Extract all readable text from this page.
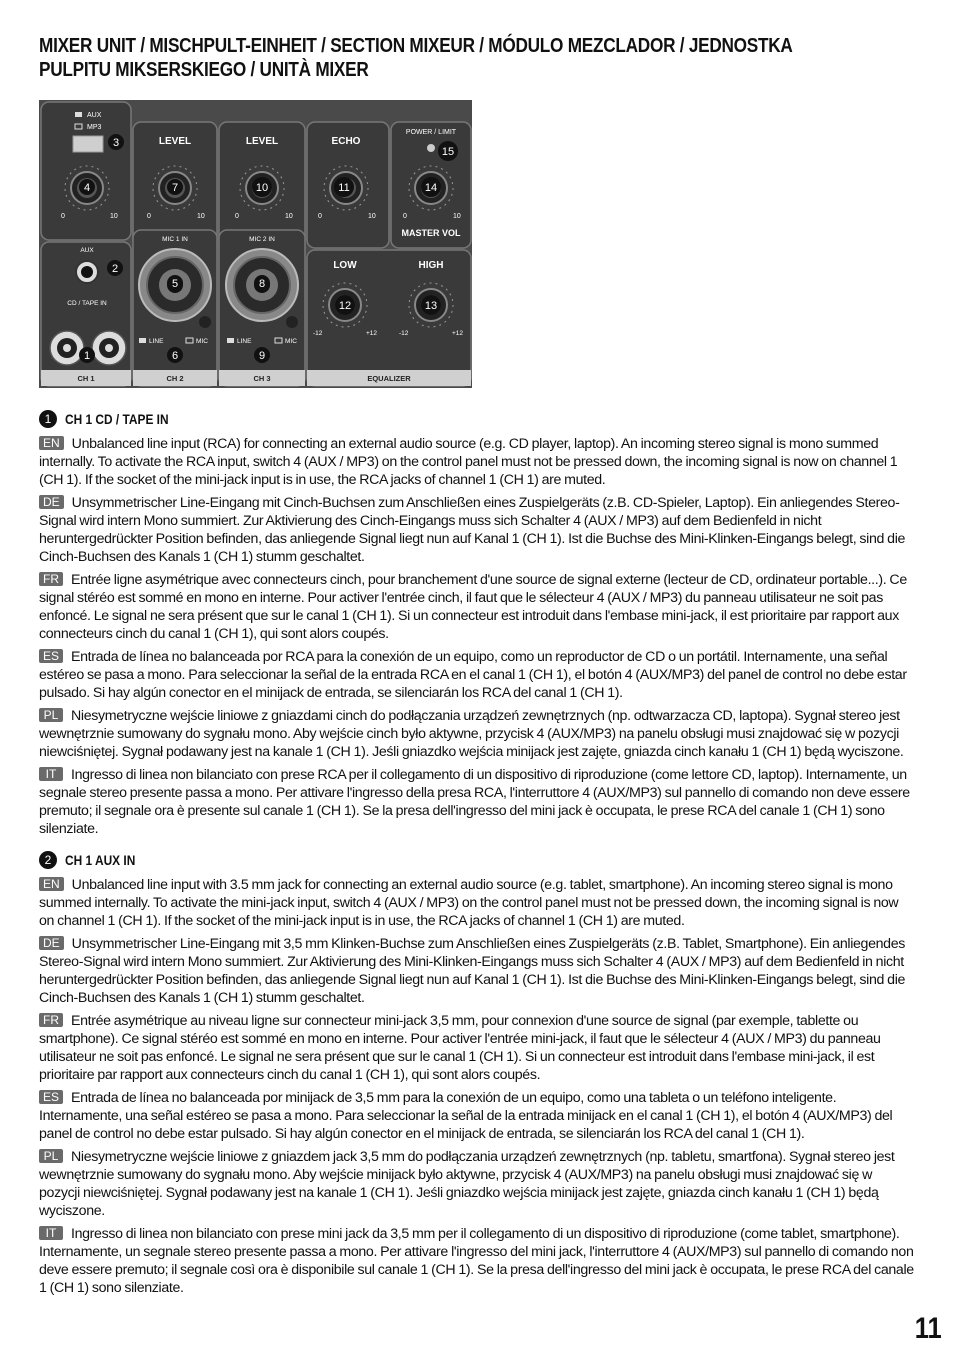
MIXER UNIT / MISCHPULT-EINHEIT / SECTION MIXEUR / MÓDULO MEZCLADOR / JEDNOSTKA PULPITU MIKSERSKIEGO / UNITÀ MIXER
AUX
MP3
LEVEL	LEVEL	ECHO
POWER / LIMIT
MASTER VOL
0	10	0	10	0	10	0	10	0	10
AUX
CD / TAPE IN
MIC 1 IN	MIC 2 IN
LINE	MIC	LINE	MIC
LOW	HIGH
-12	+12	-12	+12
CH 1	CH 2	CH 3	EQUALIZER
1
2
3
4
5
6
7
8
9
10	11
12	13
14
15
1 CH 1 CD / TAPE IN

EN Unbalanced line input (RCA) for connecting an external audio source (e.g. CD player, laptop). An incoming stereo signal is mono summed internally. To activate the RCA input, switch 4 (AUX / MP3) on the control panel must not be pressed down, the incoming signal is now on channel 1 (CH 1). If the socket of the mini-jack input is in use, the RCA jacks of channel 1 (CH 1) are muted.

DE Unsymmetrischer Line-Eingang mit Cinch-Buchsen zum Anschließen eines Zuspielgeräts (z.B. CD-Spieler, Laptop). Ein anliegendes Stereo-Signal wird intern Mono summiert. Zur Aktivierung des Cinch-Eingangs muss sich Schalter 4 (AUX / MP3) auf dem Bedienfeld in nicht heruntergedrückter Position befinden, das anliegende Signal liegt nun auf Kanal 1 (CH 1). Ist die Buchse des Mini-Klinken-Eingangs belegt, sind die Cinch-Buchsen des Kanals 1 (CH 1) stumm geschaltet.

FR Entrée ligne asymétrique avec connecteurs cinch, pour branchement d'une source de signal externe (lecteur de CD, ordinateur portable...). Ce signal stéréo est sommé en mono en interne. Pour activer l'entrée cinch, il faut que le sélecteur 4 (AUX / MP3) du panneau utilisateur ne soit pas enfoncé. Le signal ne sera présent que sur le canal 1 (CH 1). Si un connecteur est introduit dans l'embase mini-jack, il est prioritaire par rapport aux connecteurs cinch du canal 1 (CH 1), qui sont alors coupés.

ES Entrada de línea no balanceada por RCA para la conexión de un equipo, como un reproductor de CD o un portátil. Internamente, una señal estéreo se pasa a mono. Para seleccionar la señal de la entrada RCA en el canal 1 (CH 1), el botón 4 (AUX/MP3) del panel de control no debe estar pulsado. Si hay algún conector en el minijack de entrada, se silenciarán los RCA del canal 1 (CH 1).

PL Niesymetryczne wejście liniowe z gniazdami cinch do podłączania urządzeń zewnętrznych (np. odtwarzacza CD, laptopa). Sygnał stereo jest wewnętrznie sumowany do sygnału mono. Aby wejście cinch było aktywne, przycisk 4 (AUX/MP3) na panelu obsługi musi znajdować się w pozycji niewciśniętej. Sygnał podawany jest na kanale 1 (CH 1). Jeśli gniazdko wejścia minijack jest zajęte, gniazda cinch kanału 1 (CH 1) będą wyciszone.

IT Ingresso di linea non bilanciato con prese RCA per il collegamento di un dispositivo di riproduzione (come lettore CD, laptop). Internamente, un segnale stereo presente passa a mono. Per attivare l'ingresso della presa RCA, l'interruttore 4 (AUX/MP3) sul pannello di comando non deve essere premuto; il segnale ora è presente sul canale 1 (CH 1). Se la presa dell'ingresso del mini jack è occupata, le prese RCA del canale 1 (CH 1) sono silenziate.

2 CH 1 AUX IN

EN Unbalanced line input with 3.5 mm jack for connecting an external audio source (e.g. tablet, smartphone). An incoming stereo signal is mono summed internally. To activate the mini-jack input, switch 4 (AUX / MP3) on the control panel must not be pressed down, the incoming signal is now on channel 1 (CH 1). If the socket of the mini-jack input is in use, the RCA jacks of channel 1 (CH 1) are muted.

DE Unsymmetrischer Line-Eingang mit 3,5 mm Klinken-Buchse zum Anschließen eines Zuspielgeräts (z.B. Tablet, Smartphone). Ein anliegendes Stereo-Signal wird intern Mono summiert. Zur Aktivierung des Mini-Klinken-Eingangs muss sich Schalter 4 (AUX / MP3) auf dem Bedienfeld in nicht heruntergedrückter Position befinden, das anliegende Signal liegt nun auf Kanal 1 (CH 1). Ist die Buchse des Mini-Klinken-Eingangs belegt, sind die Cinch-Buchsen des Kanals 1 (CH 1) stumm geschaltet.

FR Entrée asymétrique au niveau ligne sur connecteur mini-jack 3,5 mm, pour connexion d'une source de signal (par exemple, tablette ou smartphone). Ce signal stéréo est sommé en mono en interne. Pour activer l'entrée mini-jack, il faut que le sélecteur 4 (AUX / MP3) du panneau utilisateur ne soit pas enfoncé. Le signal ne sera présent que sur le canal 1 (CH 1). Si un connecteur est introduit dans l'embase mini-jack, il est prioritaire par rapport aux connecteurs cinch du canal 1 (CH 1), qui sont alors coupés.

ES Entrada de línea no balanceada por minijack de 3,5 mm para la conexión de un equipo, como una tableta o un teléfono inteligente. Internamente, una señal estéreo se pasa a mono. Para seleccionar la señal de la entrada minijack en el canal 1 (CH 1), el botón 4 (AUX/MP3) del panel de control no debe estar pulsado. Si hay algún conector en el minijack de entrada, se silenciarán los RCA del canal 1 (CH 1).

PL Niesymetryczne wejście liniowe z gniazdem jack 3,5 mm do podłączania urządzeń zewnętrznych (np. tabletu, smartfona). Sygnał stereo jest wewnętrznie sumowany do sygnału mono. Aby wejście minijack było aktywne, przycisk 4 (AUX/MP3) na panelu obsługi musi znajdować się w pozycji niewciśniętej. Sygnał podawany jest na kanale 1 (CH 1). Jeśli gniazdko wejścia minijack jest zajęte, gniazda cinch kanału 1 (CH 1) będą wyciszone.

IT Ingresso di linea non bilanciato con prese mini jack da 3,5 mm per il collegamento di un dispositivo di riproduzione (come tablet, smartphone). Internamente, un segnale stereo presente passa a mono. Per attivare l'ingresso del mini jack, l'interruttore 4 (AUX/MP3) sul pannello di comando non deve essere premuto; il segnale così ora è disponibile sul canale 1 (CH 1). Se la presa dell'ingresso del mini jack è occupata, le prese RCA del canale 1 (CH 1) sono silenziate.

11
